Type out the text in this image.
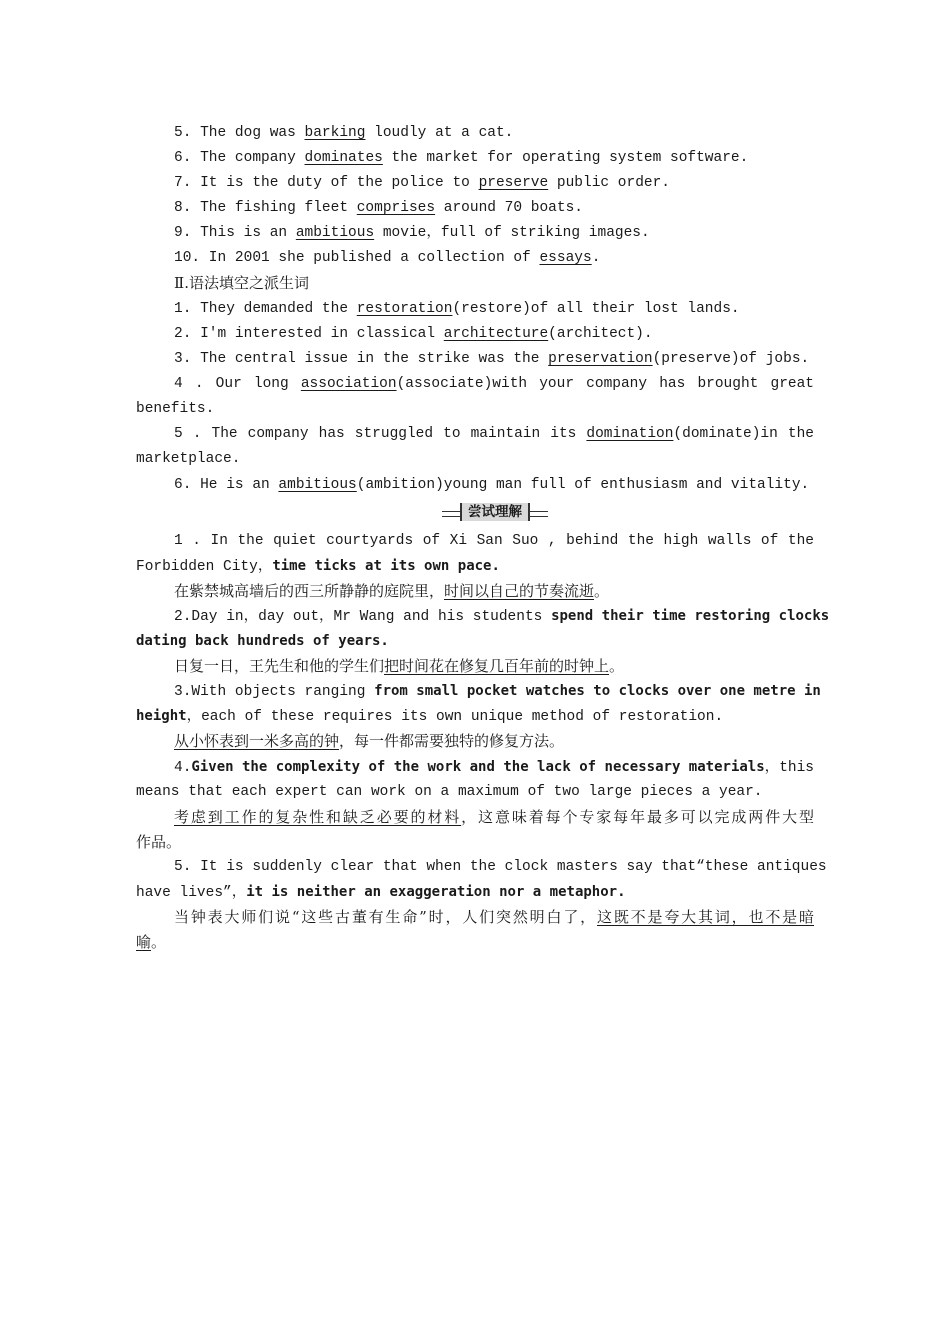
5. The dog was barking loudly at a cat.
6. The company dominates the market for operating system software.
7. It is the duty of the police to preserve public order.
8. The fishing fleet comprises around 70 boats.
9. This is an ambitious movie，full of striking images.
10. In 2001 she published a collection of essays.
Ⅱ.语法填空之派生词
1. They demanded the restoration(restore)of all their lost lands.
2. I'm interested in classical architecture(architect).
3. The central issue in the strike was the preservation(preserve)of jobs.
4 . Our long association(associate)with your company has brought great
benefits.
5 . The company has struggled to maintain its domination(dominate)in the
marketplace.
6. He is an ambitious(ambition)young man full of enthusiasm and vitality.
尝试理解
1 . In the quiet courtyards of Xi San Suo , behind the high walls of the
Forbidden City，time ticks at its own pace.
在紫禁城高墙后的西三所静静的庭院里，时间以自己的节奏流逝。
2.Day in，day out，Mr Wang and his students spend their time restoring clocks
dating back hundreds of years.
日复一日，王先生和他的学生们把时间花在修复几百年前的时钟上。
3.With objects ranging from small pocket watches to clocks over one metre in
height，each of these requires its own unique method of restoration.
从小怀表到一米多高的钟，每一件都需要独特的修复方法。
4.Given the complexity of the work and the lack of necessary materials，this
means that each expert can work on a maximum of two large pieces a year.
考虑到工作的复杂性和缺乏必要的材料，这意味着每个专家每年最多可以完成两件大型
作品。
5. It is suddenly clear that when the clock masters say that“these antiques
have lives”，it is neither an exaggeration nor a metaphor.
当钟表大师们说“这些古董有生命”时，人们突然明白了，这既不是夸大其词，也不是暗
喻。
